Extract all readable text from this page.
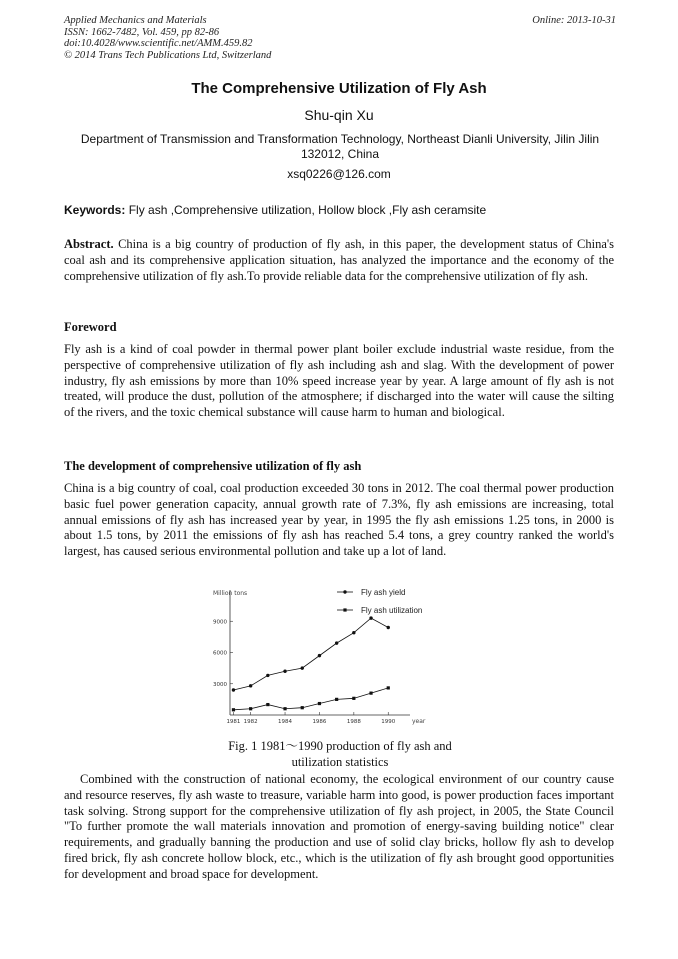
Applied Mechanics and Materials
ISSN: 1662-7482, Vol. 459, pp 82-86
doi:10.4028/www.scientific.net/AMM.459.82
© 2014 Trans Tech Publications Ltd, Switzerland
Online: 2013-10-31
The Comprehensive Utilization of Fly Ash
Shu-qin Xu
Department of Transmission and Transformation Technology, Northeast Dianli University, Jilin Jilin 132012, China
xsq0226@126.com
Keywords: Fly ash ,Comprehensive utilization, Hollow block ,Fly ash ceramsite
Abstract. China is a big country of production of fly ash, in this paper, the development status of China's coal ash and its comprehensive application situation, has analyzed the importance and the economy of the comprehensive utilization of fly ash.To provide reliable data for the comprehensive utilization of fly ash.
Foreword
Fly ash is a kind of coal powder in thermal power plant boiler exclude industrial waste residue, from the perspective of comprehensive utilization of fly ash including ash and slag. With the development of power industry, fly ash emissions by more than 10% speed increase year by year. A large amount of fly ash is not treated, will produce the dust, pollution of the atmosphere; if discharged into the water will cause the silting of the rivers, and the toxic chemical substance will cause harm to human and biological.
The development of comprehensive utilization of fly ash
China is a big country of coal, coal production exceeded 30 tons in 2012. The coal thermal power production basic fuel power generation capacity, annual growth rate of 7.3%, fly ash emissions are increasing, total annual emissions of fly ash has increased year by year, in 1995 the fly ash emissions 1.25 tons, in 2000 is about 1.5 tons, by 2011 the emissions of fly ash has reached 5.4 tons, a grey country ranked the world's largest, has caused serious environmental pollution and take up a lot of land.
Million tons
year
3000
6000
9000
1981 1982	1984	1986	1988	1990
Fly ash yield
Fly ash utilization
Fig. 1 1981～1990 production of fly ash and
utilization statistics
Combined with the construction of national economy, the ecological environment of our country cause and resource reserves, fly ash waste to treasure, variable harm into good, is power production faces important task solving. Strong support for the comprehensive utilization of fly ash project, in 2005, the State Council "To further promote the wall materials innovation and promotion of energy-saving building notice" clear requirements, and gradually banning the production and use of solid clay bricks, hollow fly ash to develop fired brick, fly ash concrete hollow block, etc., which is the utilization of fly ash brought good opportunities for development and broad space for development.
